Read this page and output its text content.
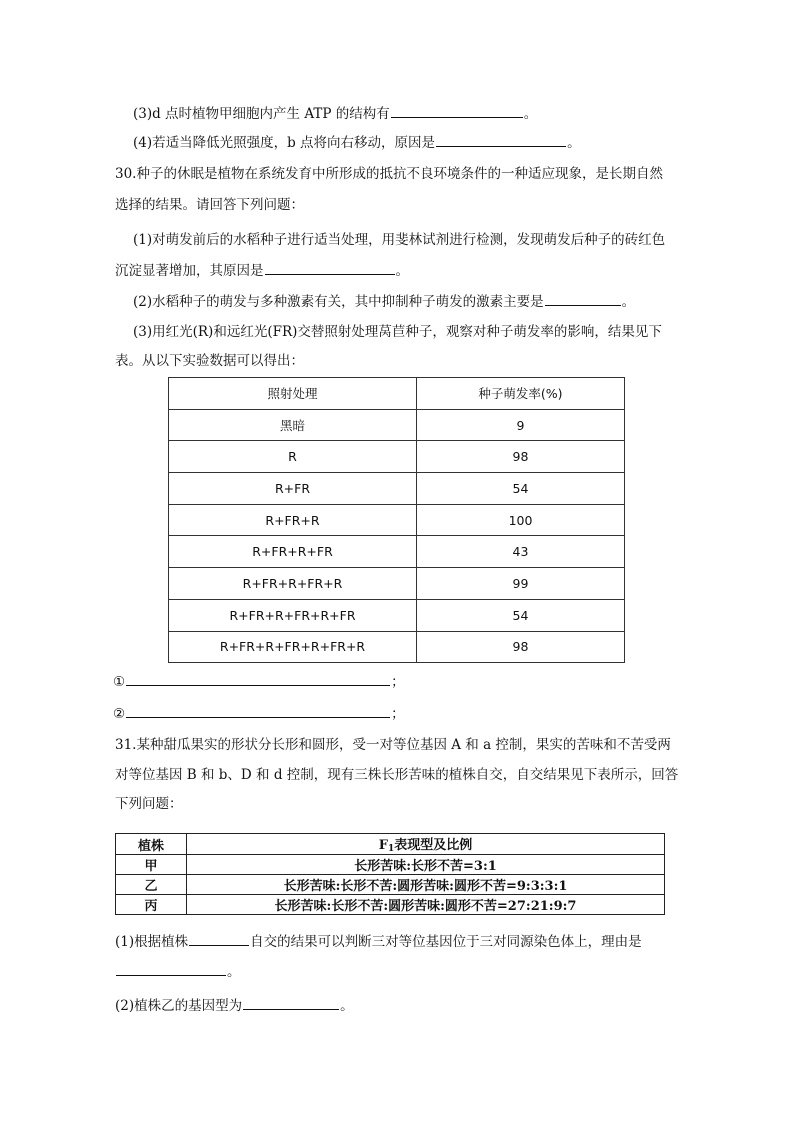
(3)d 点时植物甲细胞内产生 ATP 的结构有	。
(4)若适当降低光照强度，b 点将向右移动，原因是	。
30.种子的休眠是植物在系统发育中所形成的抵抗不良环境条件的一种适应现象，是长期自然
选择的结果。请回答下列问题：
(1)对萌发前后的水稻种子进行适当处理，用斐林试剂进行检测，发现萌发后种子的砖红色
沉淀显著增加，其原因是	。
(2)水稻种子的萌发与多种激素有关，其中抑制种子萌发的激素主要是	。
(3)用红光(R)和远红光(FR)交替照射处理莴苣种子，观察对种子萌发率的影响，结果见下
表。从以下实验数据可以得出：
照射处理	种子萌发率(%)
黑暗	9
R	98
R+FR	54
R+FR+R	100
R+FR+R+FR	43
R+FR+R+FR+R	99
R+FR+R+FR+R+FR	54
R+FR+R+FR+R+FR+R	98
①	；
②	；
31.某种甜瓜果实的形状分长形和圆形，受一对等位基因 A 和 a 控制，果实的苦味和不苦受两
对等位基因 B 和 b、D 和 d 控制，现有三株长形苦味的植株自交，自交结果见下表所示，回答
下列问题：
植株	$F_1$表现型及比例
甲	长形苦味:长形不苦=3:1
乙	长形苦味:长形不苦:圆形苦味:圆形不苦=9:3:3:1
丙	长形苦味:长形不苦:圆形苦味:圆形不苦=27:21:9:7
(1)根据植株	自交的结果可以判断三对等位基因位于三对同源染色体上，理由是
。
(2)植株乙的基因型为	。
